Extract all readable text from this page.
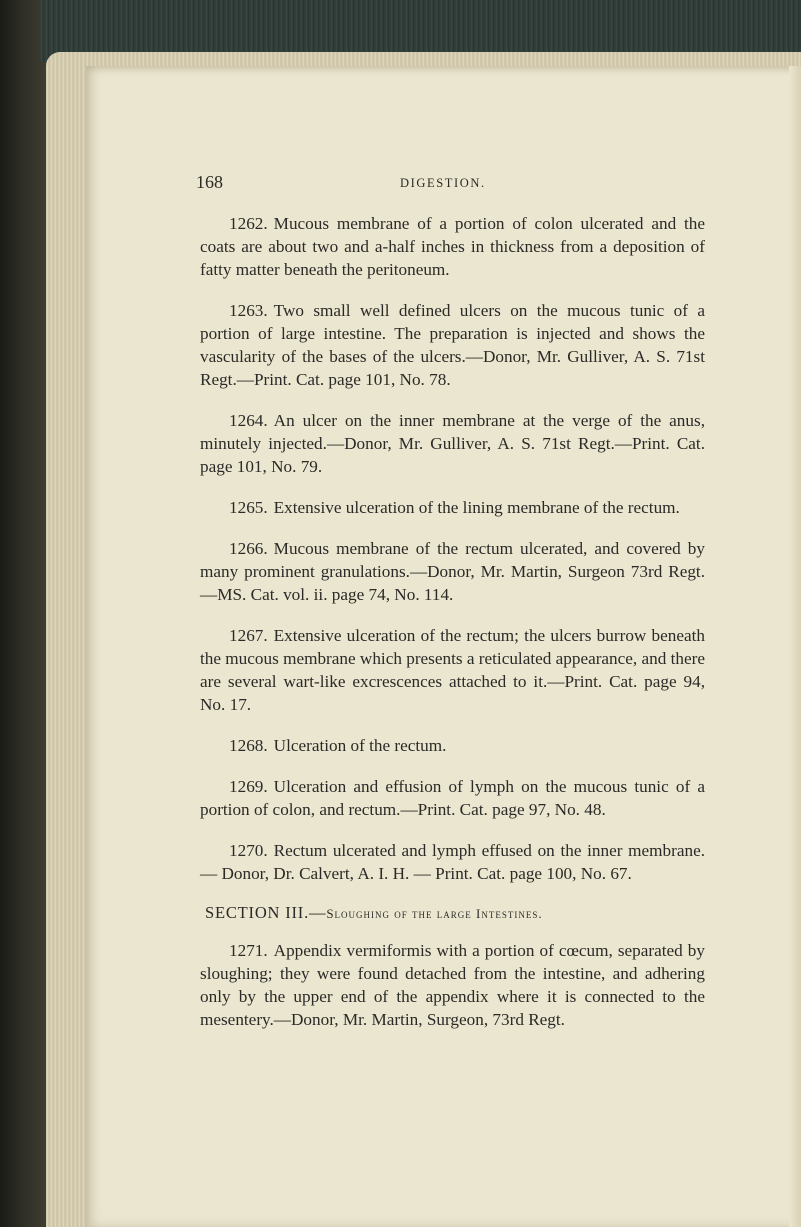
168	DIGESTION.

1262. Mucous membrane of a portion of colon ulcerated and the coats are about two and a-half inches in thickness from a deposition of fatty matter beneath the peritoneum.

1263. Two small well defined ulcers on the mucous tunic of a portion of large intestine. The preparation is injected and shows the vascularity of the bases of the ulcers.—Donor, Mr. Gulliver, A. S. 71st Regt.—Print. Cat. page 101, No. 78.

1264. An ulcer on the inner membrane at the verge of the anus, minutely injected.—Donor, Mr. Gulliver, A. S. 71st Regt.—Print. Cat. page 101, No. 79.

1265. Extensive ulceration of the lining membrane of the rectum.

1266. Mucous membrane of the rectum ulcerated, and covered by many prominent granulations.—Donor, Mr. Martin, Surgeon 73rd Regt.—MS. Cat. vol. ii. page 74, No. 114.

1267. Extensive ulceration of the rectum; the ulcers burrow beneath the mucous membrane which presents a reticulated appearance, and there are several wart-like excrescences attached to it.—Print. Cat. page 94, No. 17.

1268. Ulceration of the rectum.

1269. Ulceration and effusion of lymph on the mucous tunic of a portion of colon, and rectum.—Print. Cat. page 97, No. 48.

1270. Rectum ulcerated and lymph effused on the inner membrane. — Donor, Dr. Calvert, A. I. H. — Print. Cat. page 100, No. 67.

SECTION III.—Sloughing of the large Intestines.

1271. Appendix vermiformis with a portion of cœcum, separated by sloughing; they were found detached from the intestine, and adhering only by the upper end of the appendix where it is connected to the mesentery.—Donor, Mr. Martin, Surgeon, 73rd Regt.
